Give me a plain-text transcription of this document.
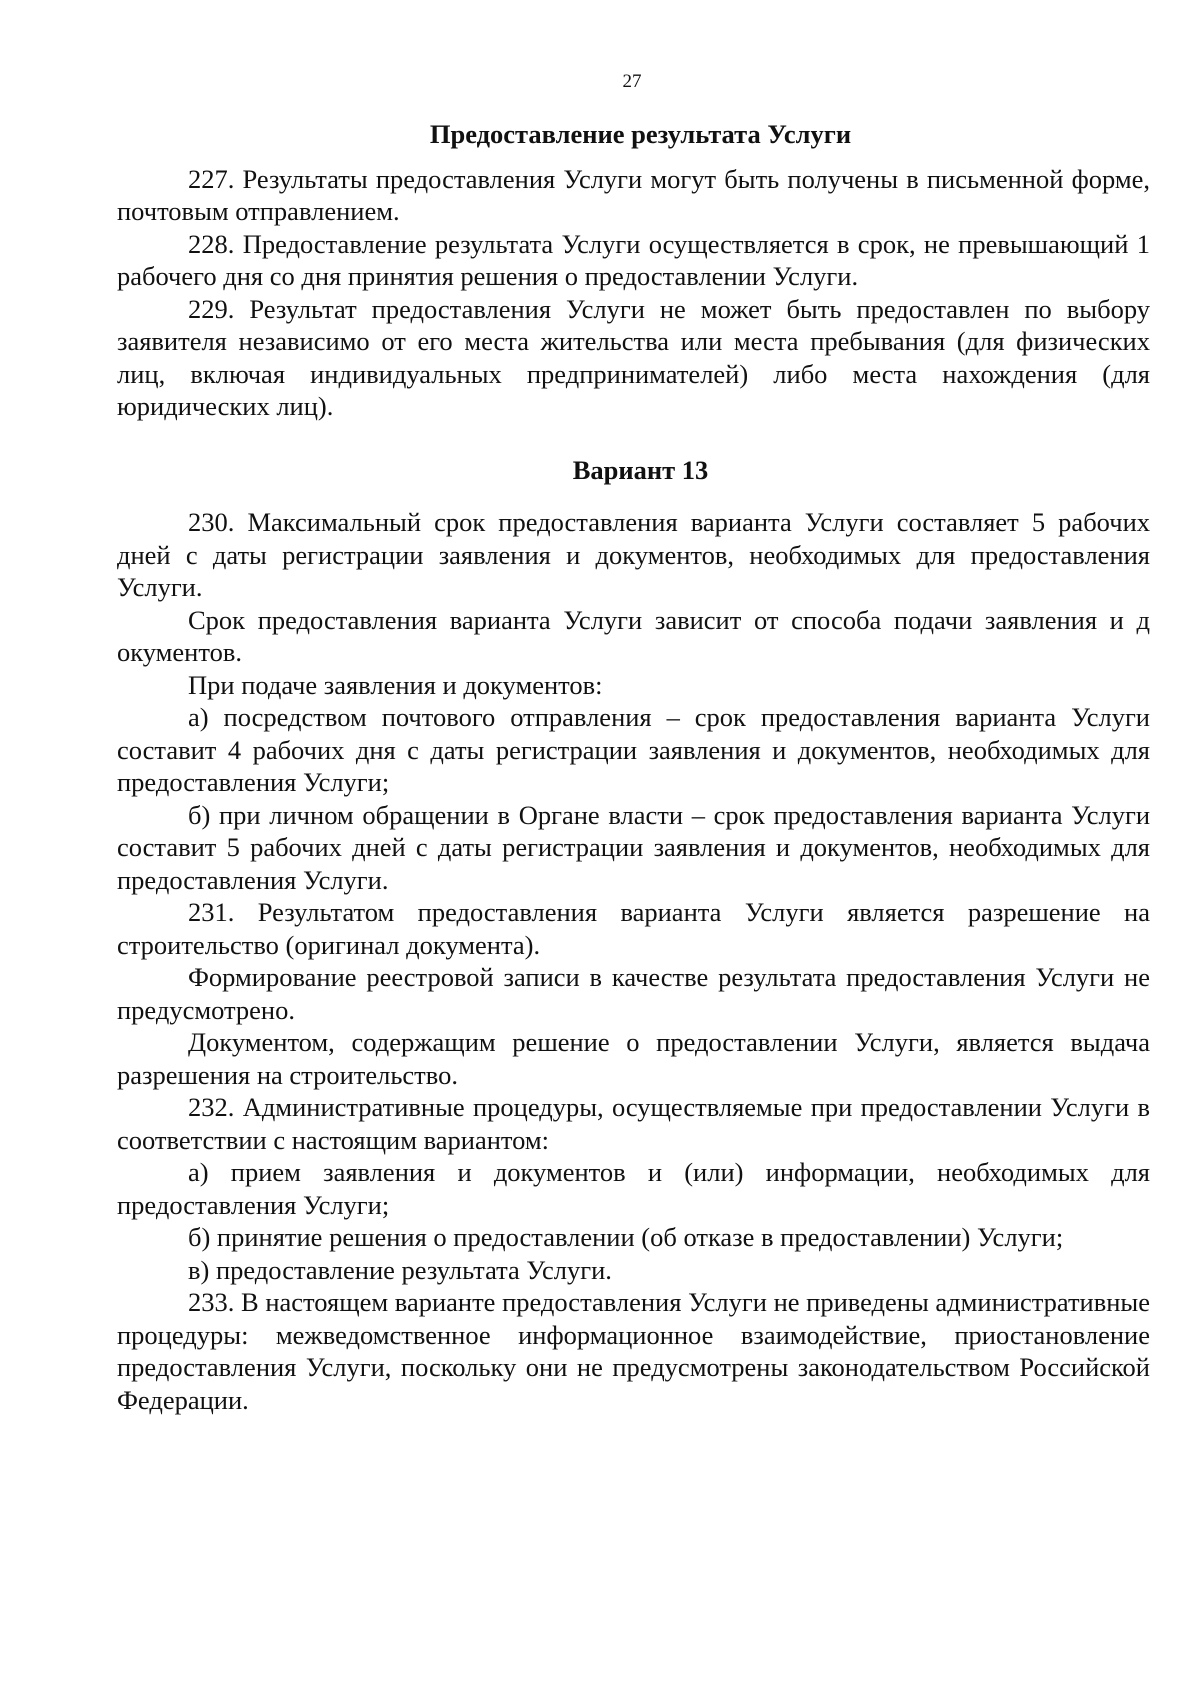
27
Предоставление результата Услуги

227. Результаты предоставления Услуги могут быть получены в письменной форме, почтовым отправлением.

228. Предоставление результата Услуги осуществляется в срок, не превышающий 1 рабочего дня со дня принятия решения о предоставлении Услуги.

229. Результат предоставления Услуги не может быть предоставлен по выбору заявителя независимо от его места жительства или места пребывания (для физических лиц, включая индивидуальных предпринимателей) либо места нахождения (для юридических лиц).

Вариант 13

230. Максимальный срок предоставления варианта Услуги составляет 5 рабочих дней с даты регистрации заявления и документов, необходимых для предоставления Услуги.

Срок предоставления варианта Услуги зависит от способа подачи заявления и д окументов.

При подаче заявления и документов:

а) посредством почтового отправления – срок предоставления варианта Услуги составит 4 рабочих дня с даты регистрации заявления и документов, необходимых для предоставления Услуги;

б) при личном обращении в Органе власти – срок предоставления варианта Услуги составит 5 рабочих дней с даты регистрации заявления и документов, необходимых для предоставления Услуги.

231. Результатом предоставления варианта Услуги является разрешение на строительство (оригинал документа).

Формирование реестровой записи в качестве результата предоставления Услуги не предусмотрено.

Документом, содержащим решение о предоставлении Услуги, является выдача разрешения на строительство.

232. Административные процедуры, осуществляемые при предоставлении Услуги в соответствии с настоящим вариантом:

а) прием заявления и документов и (или) информации, необходимых для предоставления Услуги;

б) принятие решения о предоставлении (об отказе в предоставлении) Услуги;

в) предоставление результата Услуги.

233. В настоящем варианте предоставления Услуги не приведены административные процедуры: межведомственное информационное взаимодействие, приостановление предоставления Услуги, поскольку они не предусмотрены законодательством Российской Федерации.
